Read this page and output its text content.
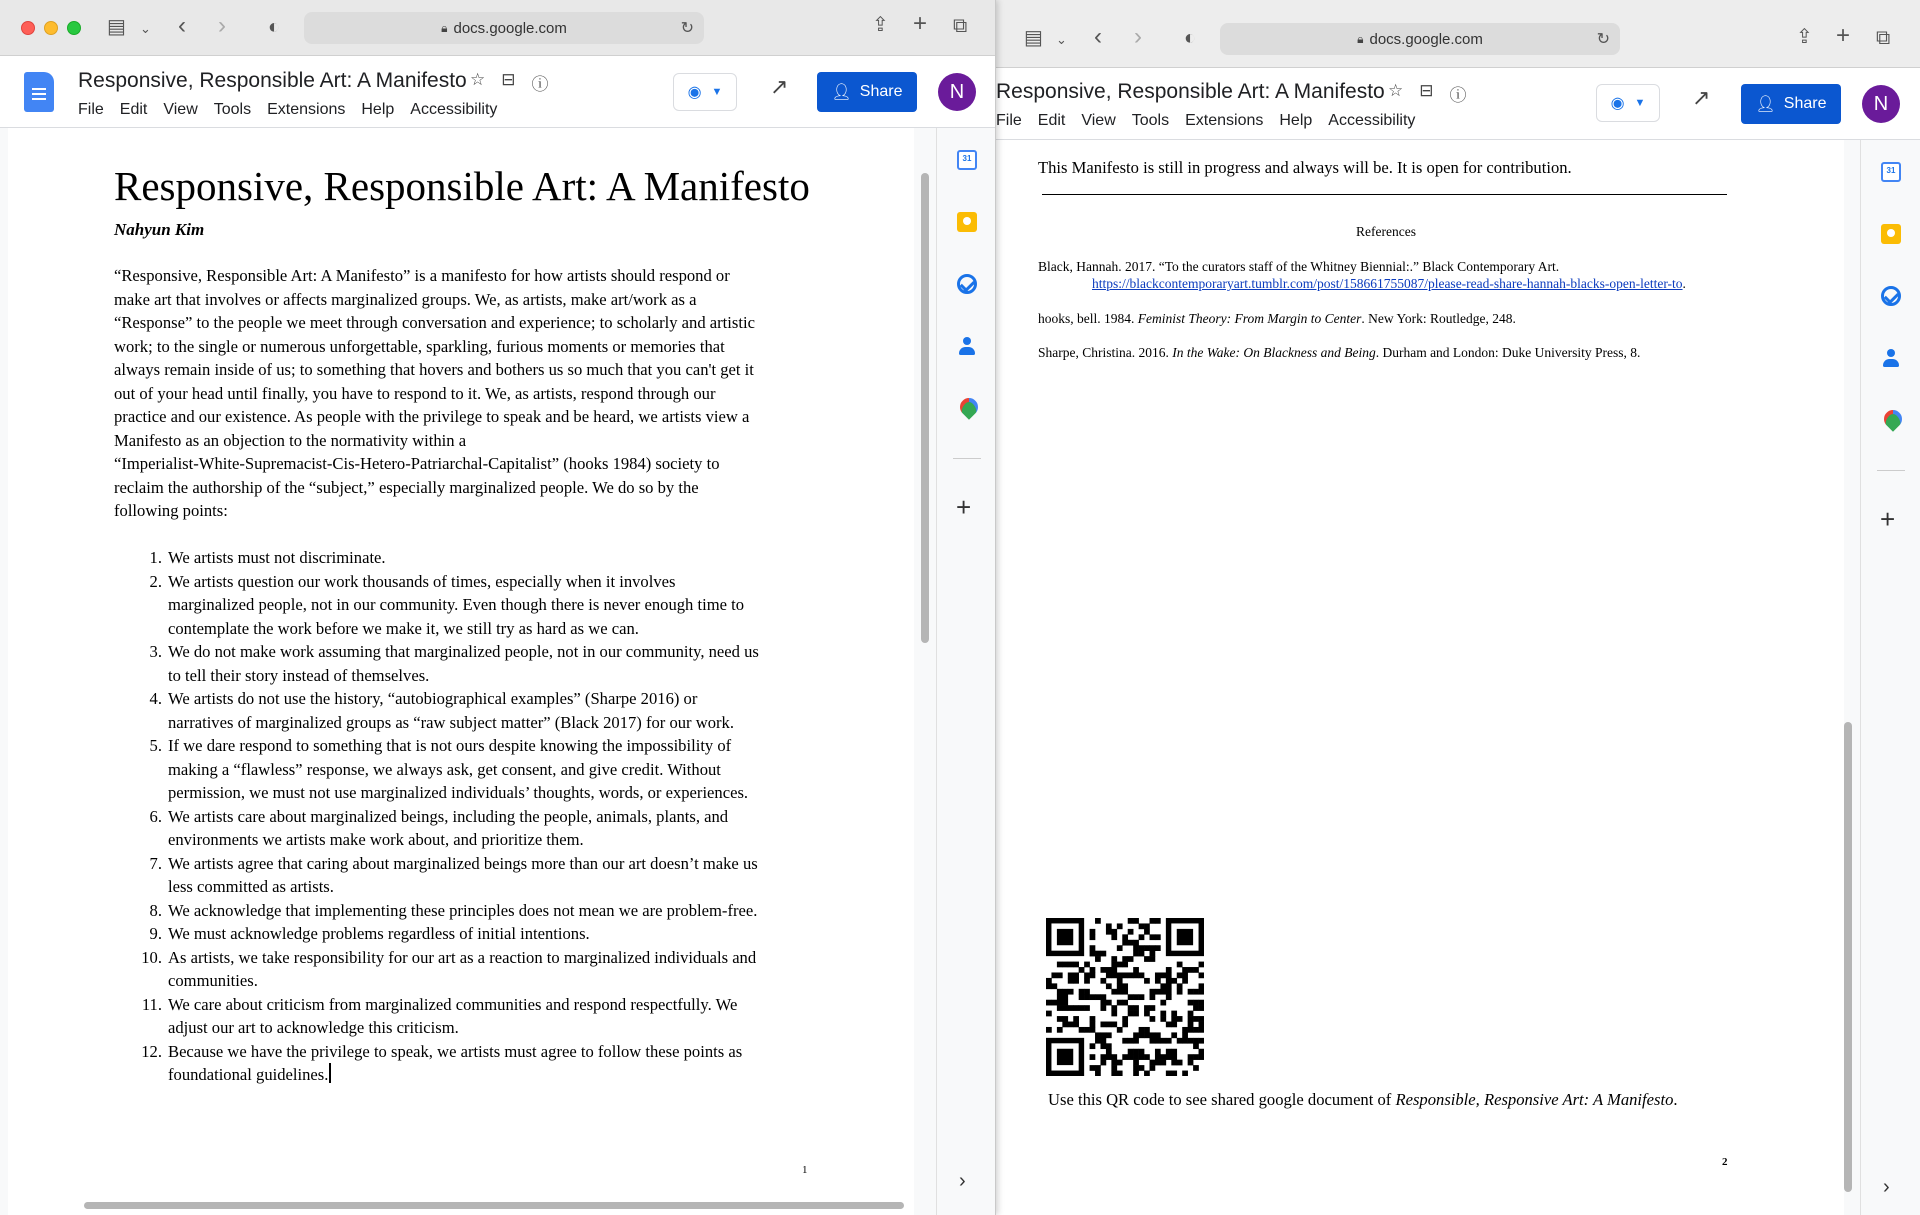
▤ ⌄ ‹ › ◐	🔒︎ docs.google.com	↻	⇪ + ⧉
Responsive, Responsible Art: A Manifesto ☆ ⊟ ⓘ
File Edit View Tools Extensions Help Accessibility
◉ ▼ ↗	👤︎ Share	N
Responsive, Responsible Art: A Manifesto
Nahyun Kim
“Responsive, Responsible Art: A Manifesto” is a manifesto for how artists should respond or
make art that involves or affects marginalized groups. We, as artists, make art/work as a
“Response” to the people we meet through conversation and experience; to scholarly and artistic
work; to the single or numerous unforgettable, sparkling, furious moments or memories that
always remain inside of us; to something that hovers and bothers us so much that you can't get it
out of your head until finally, you have to respond to it. We, as artists, respond through our
practice and our existence. As people with the privilege to speak and be heard, we artists view a
Manifesto as an objection to the normativity within a
“Imperialist-White-Supremacist-Cis-Hetero-Patriarchal-Capitalist” (hooks 1984) society to
reclaim the authorship of the “subject,” especially marginalized people. We do so by the
following points:
1. We artists must not discriminate.
2. We artists question our work thousands of times, especially when it involves
marginalized people, not in our community. Even though there is never enough time to
contemplate the work before we make it, we still try as hard as we can.
3. We do not make work assuming that marginalized people, not in our community, need us
to tell their story instead of themselves.
4. We artists do not use the history, “autobiographical examples” (Sharpe 2016) or
narratives of marginalized groups as “raw subject matter” (Black 2017) for our work.
5. If we dare respond to something that is not ours despite knowing the impossibility of
making a “flawless” response, we always ask, get consent, and give credit. Without
permission, we must not use marginalized individuals’ thoughts, words, or experiences.
6. We artists care about marginalized beings, including the people, animals, plants, and
environments we artists make work about, and prioritize them.
7. We artists agree that caring about marginalized beings more than our art doesn’t make us
less committed as artists.
8. We acknowledge that implementing these principles does not mean we are problem-free.
9. We must acknowledge problems regardless of initial intentions.
10. As artists, we take responsibility for our art as a reaction to marginalized individuals and
communities.
11. We care about criticism from marginalized communities and respond respectfully. We
adjust our art to acknowledge this criticism.
12. Because we have the privilege to speak, we artists must agree to follow these points as
foundational guidelines.
1
31
+
›
▤ ⌄ ‹ › ◐	🔒︎ docs.google.com	↻	⇪ + ⧉
Responsive, Responsible Art: A Manifesto ☆ ⊟ ⓘ
File Edit View Tools Extensions Help Accessibility
◉ ▼ ↗	👤︎ Share	N
This Manifesto is still in progress and always will be. It is open for contribution.
References
Black, Hannah. 2017. “To the curators staff of the Whitney Biennial:.” Black Contemporary Art.
https://blackcontemporaryart.tumblr.com/post/158661755087/please-read-share-hannah-blacks-open-letter-to.
hooks, bell. 1984. Feminist Theory: From Margin to Center. New York: Routledge, 248.
Sharpe, Christina. 2016. In the Wake: On Blackness and Being. Durham and London: Duke University Press, 8.
Use this QR code to see shared google document of Responsible, Responsive Art: A Manifesto.
2
31
+
›
